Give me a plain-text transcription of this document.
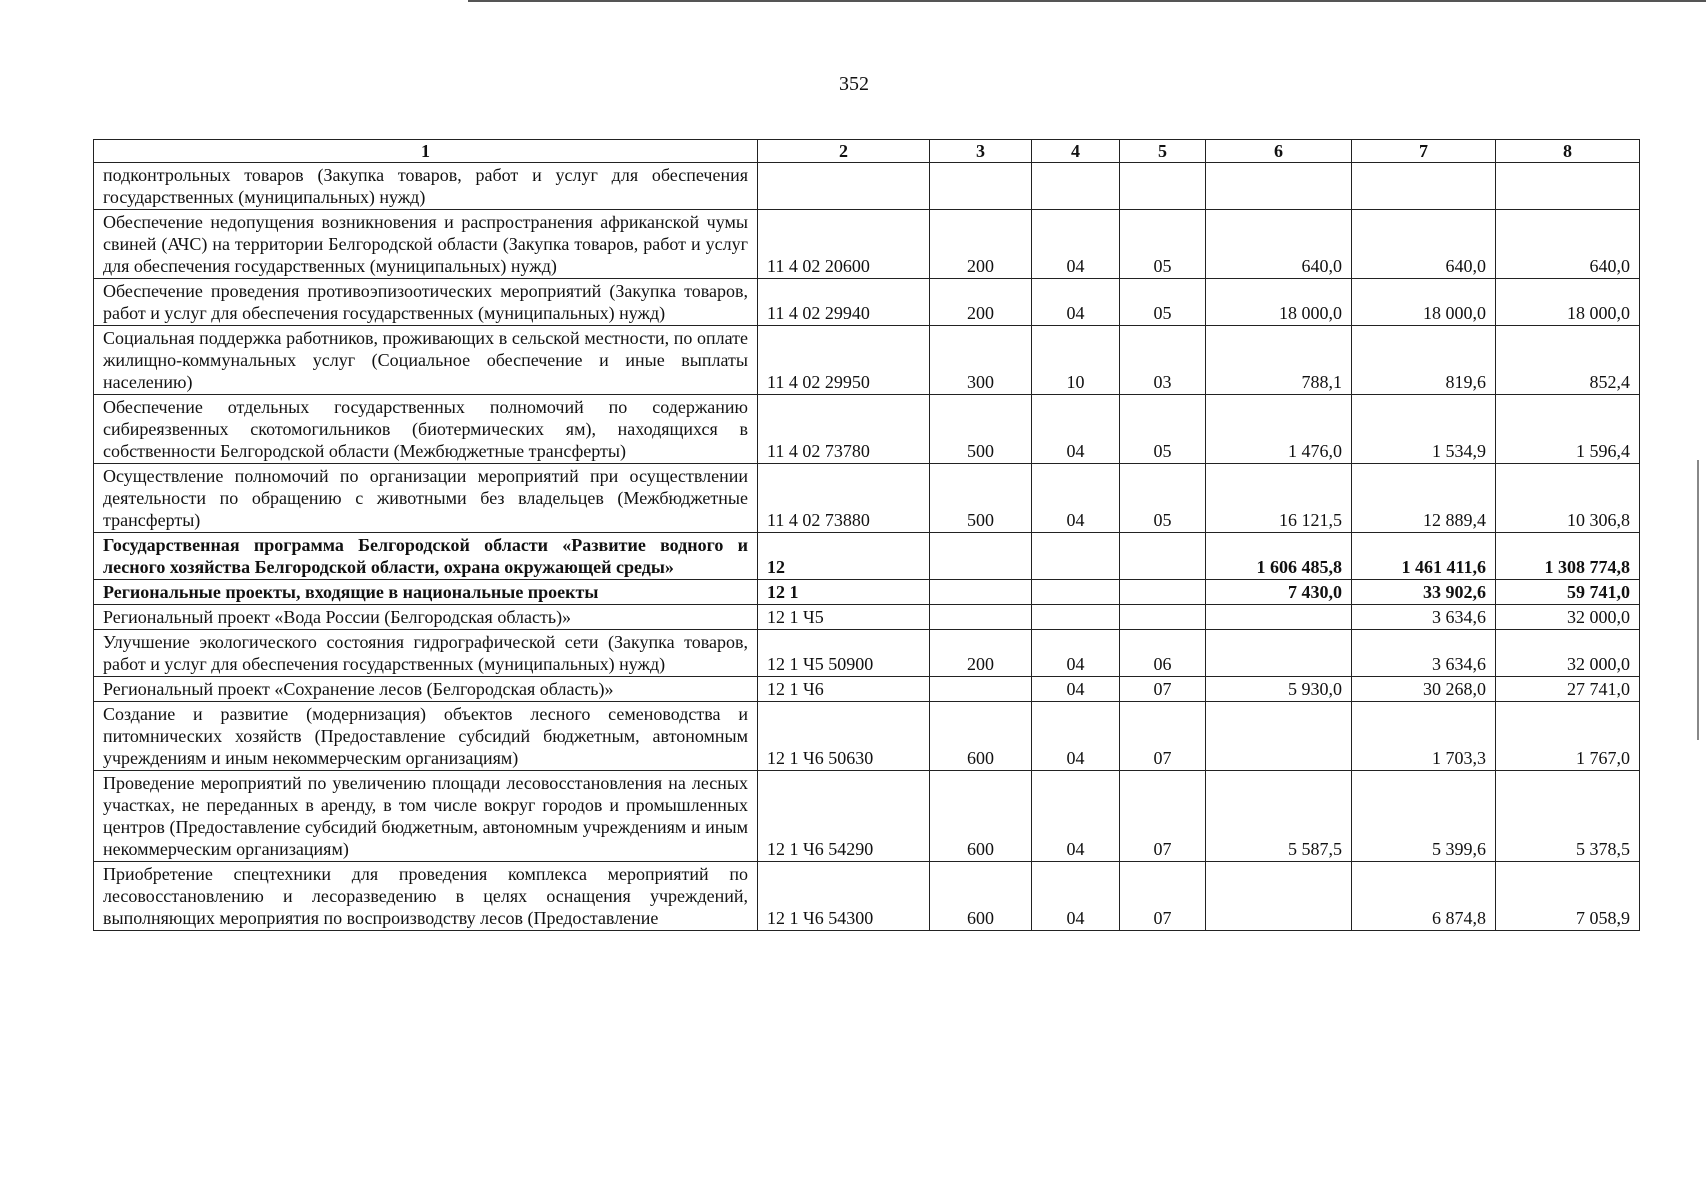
352
1	2	3	4	5	6	7	8
подконтрольных товаров (Закупка товаров, работ и услуг для обеспечения государственных (муниципальных) нужд)							
Обеспечение недопущения возникновения и распространения африканской чумы свиней (АЧС) на территории Белгородской области (Закупка товаров, работ и услуг для обеспечения государственных (муниципальных) нужд)	11 4 02 20600	200	04	05	640,0	640,0	640,0
Обеспечение проведения противоэпизоотических мероприятий (Закупка товаров, работ и услуг для обеспечения государственных (муниципальных) нужд)	11 4 02 29940	200	04	05	18 000,0	18 000,0	18 000,0
Социальная поддержка работников, проживающих в сельской местности, по оплате жилищно-коммунальных услуг (Социальное обеспечение и иные выплаты населению)	11 4 02 29950	300	10	03	788,1	819,6	852,4
Обеспечение отдельных государственных полномочий по содержанию сибиреязвенных скотомогильников (биотермических ям), находящихся в собственности Белгородской области (Межбюджетные трансферты)	11 4 02 73780	500	04	05	1 476,0	1 534,9	1 596,4
Осуществление полномочий по организации мероприятий при осуществлении деятельности по обращению с животными без владельцев (Межбюджетные трансферты)	11 4 02 73880	500	04	05	16 121,5	12 889,4	10 306,8
Государственная программа Белгородской области «Развитие водного и лесного хозяйства Белгородской области, охрана окружающей среды»	12				1 606 485,8	1 461 411,6	1 308 774,8
Региональные проекты, входящие в национальные проекты	12 1				7 430,0	33 902,6	59 741,0
Региональный проект «Вода России (Белгородская область)»	12 1 Ч5					3 634,6	32 000,0
Улучшение экологического состояния гидрографической сети (Закупка товаров, работ и услуг для обеспечения государственных (муниципальных) нужд)	12 1 Ч5 50900	200	04	06		3 634,6	32 000,0
Региональный проект «Сохранение лесов (Белгородская область)»	12 1 Ч6		04	07	5 930,0	30 268,0	27 741,0
Создание и развитие (модернизация) объектов лесного семеноводства и питомнических хозяйств (Предоставление субсидий бюджетным, автономным учреждениям и иным некоммерческим организациям)	12 1 Ч6 50630	600	04	07		1 703,3	1 767,0
Проведение мероприятий по увеличению площади лесовосстановления на лесных участках, не переданных в аренду, в том числе вокруг городов и промышленных центров (Предоставление субсидий бюджетным, автономным учреждениям и иным некоммерческим организациям)	12 1 Ч6 54290	600	04	07	5 587,5	5 399,6	5 378,5
Приобретение спецтехники для проведения комплекса мероприятий по лесовосстановлению и лесоразведению в целях оснащения учреждений, выполняющих мероприятия по воспроизводству лесов (Предоставление	12 1 Ч6 54300	600	04	07		6 874,8	7 058,9
